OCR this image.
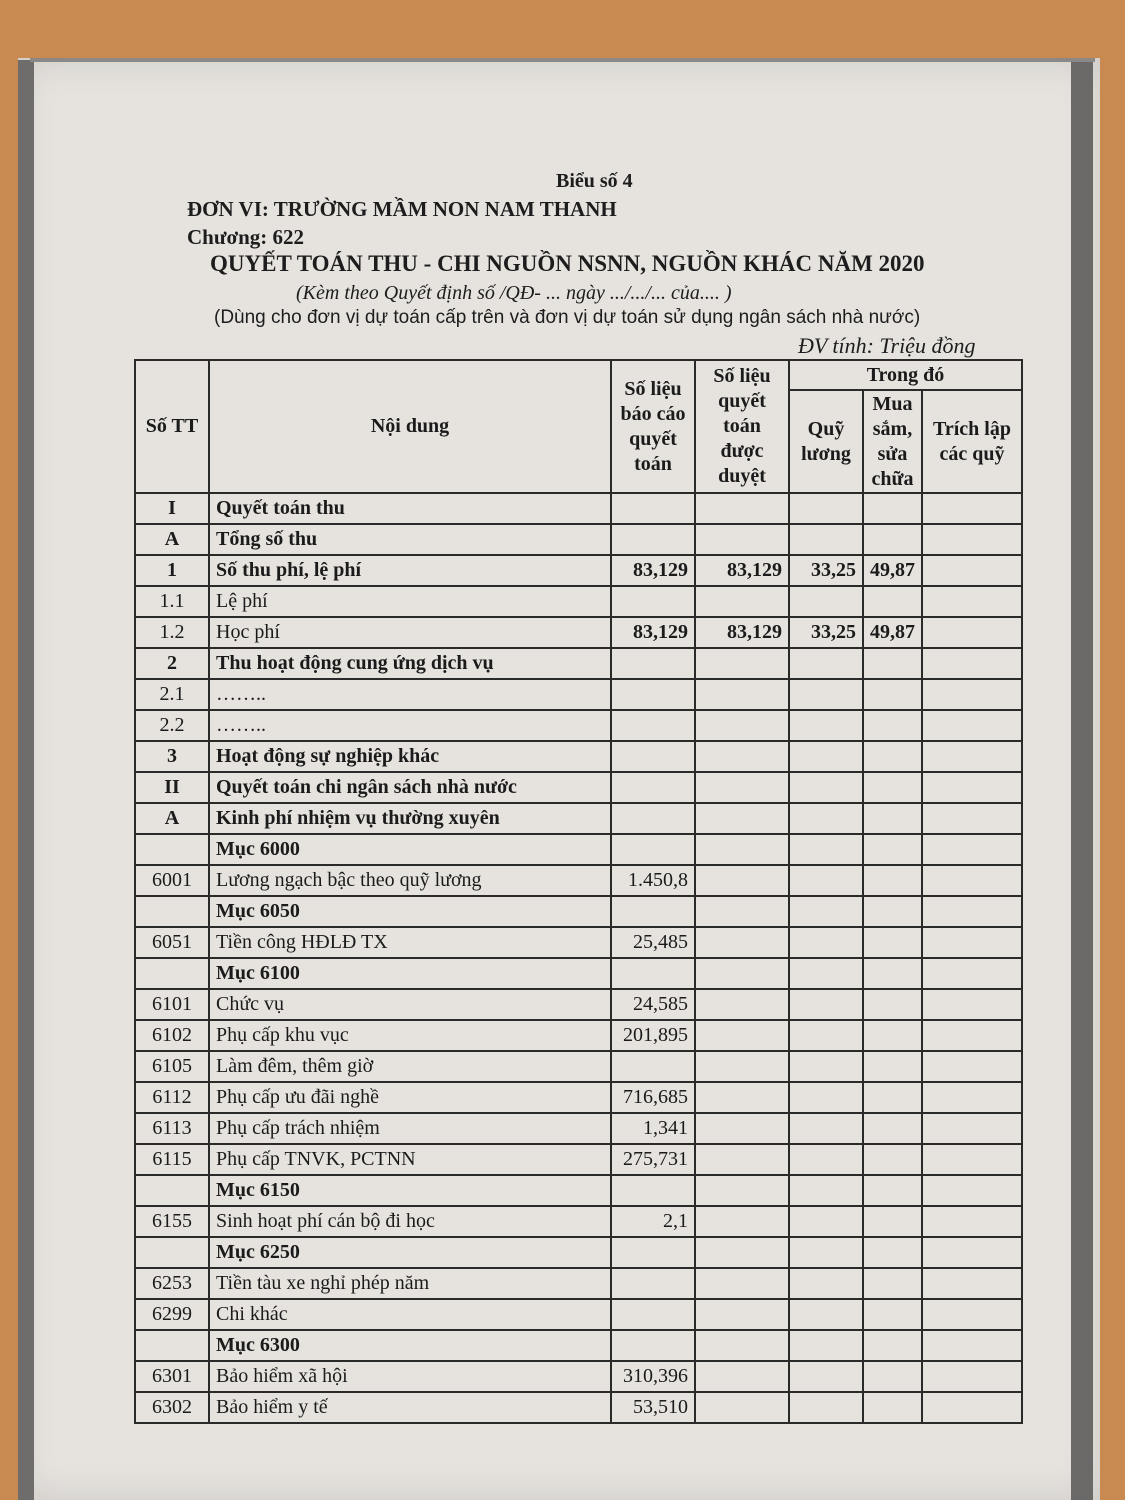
Biểu số 4
ĐƠN VI: TRƯỜNG MẦM NON NAM THANH
Chương: 622
QUYẾT TOÁN THU - CHI NGUỒN NSNN, NGUỒN KHÁC NĂM 2020
(Kèm theo Quyết định số /QĐ- ... ngày .../.../... của.... )
(Dùng cho đơn vị dự toán cấp trên và đơn vị dự toán sử dụng ngân sách nhà nước)
ĐV tính: Triệu đồng
Số TT	Nội dung	Số liệu báo cáo quyết toán	Số liệu quyết toán được duyệt	Trong đó		
				Quỹ lương	Mua sắm, sửa chữa	Trích lập các quỹ
I	Quyết toán thu					
A	Tổng số thu					
1	Số thu phí, lệ phí	83,129	83,129	33,25	49,87	
1.1	Lệ phí					
1.2	Học phí	83,129	83,129	33,25	49,87	
2	Thu hoạt động cung ứng dịch vụ					
2.1	……..					
2.2	……..					
3	Hoạt động sự nghiệp khác					
II	Quyết toán chi ngân sách nhà nước					
A	Kinh phí nhiệm vụ thường xuyên					
	Mục 6000					
6001	Lương ngạch bậc theo quỹ lương	1.450,8				
	Mục 6050					
6051	Tiền công HĐLĐ TX	25,485				
	Mục 6100					
6101	Chức vụ	24,585				
6102	Phụ cấp khu vục	201,895				
6105	Làm đêm, thêm giờ					
6112	Phụ cấp ưu đãi nghề	716,685				
6113	Phụ cấp trách nhiệm	1,341				
6115	Phụ cấp TNVK, PCTNN	275,731				
	Mục 6150					
6155	Sinh hoạt phí cán bộ đi học	2,1				
	Mục 6250					
6253	Tiền tàu xe nghỉ phép năm					
6299	Chi khác					
	Mục 6300					
6301	Bảo hiểm xã hội	310,396				
6302	Bảo hiểm y tế	53,510				
